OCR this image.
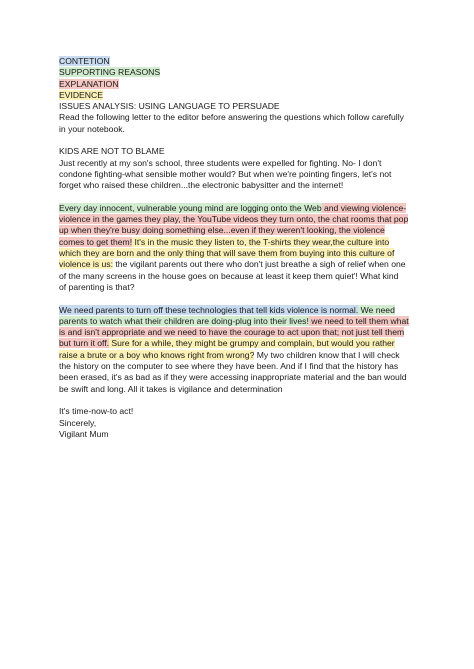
CONTETION
SUPPORTING REASONS
EXPLANATION
EVIDENCE
ISSUES ANALYSIS: USING LANGUAGE TO PERSUADE
Read the following letter to the editor before answering the questions which follow carefully
in your notebook.
KIDS ARE NOT TO BLAME
Just recently at my son's school, three students were expelled for fighting. No- I don't
condone fighting-what sensible mother would? But when we're pointing fingers, let's not
forget who raised these children...the electronic babysitter and the internet!
Every day innocent, vulnerable young mind are logging onto the Web and viewing violence-
violence in the games they play, the YouTube videos they turn onto, the chat rooms that pop
up when they're busy doing something else...even if they weren't looking, the violence
comes to get them! It's in the music they listen to, the T-shirts they wear,the culture into
which they are born and the only thing that will save them from buying into this culture of
violence is us: the vigilant parents out there who don't just breathe a sigh of relief when one
of the many screens in the house goes on because at least it keep them quiet'! What kind
of parenting is that?
We need parents to turn off these technologies that tell kids violence is normal. We need
parents to watch what their children are doing-plug into their lives! we need to tell them what
is and isn't appropriate and we need to have the courage to act upon that; not just tell them
but turn it off. Sure for a while, they might be grumpy and complain, but would you rather
raise a brute or a boy who knows right from wrong? My two children know that I will check
the history on the computer to see where they have been. And if I find that the history has
been erased, it's as bad as if they were accessing inappropriate material and the ban would
be swift and long. All it takes is vigilance and determination
It's time-now-to act!
Sincerely,
Vigilant Mum
